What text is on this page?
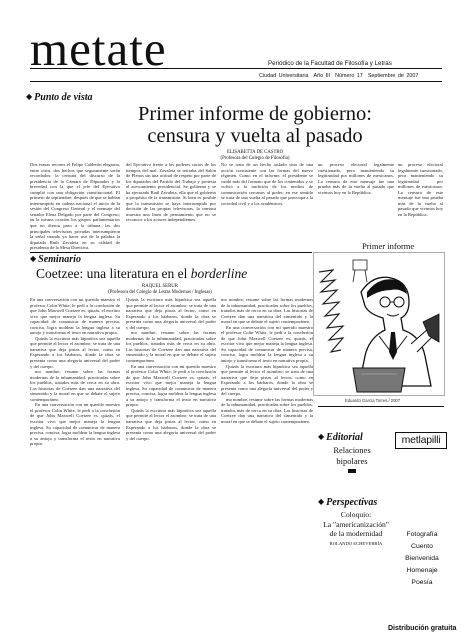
metate	Periódico de la Facultad de Filosofía y Letras
Ciudad Universitaria Año III Número 17 Septiembre de 2007
◆ Punto de vista
Primer informe de gobierno:
censura y vuelta al pasado
ELISABETTA DE CASTRO
(Profesora del Colegio de Filosofía)

Dos reasas recoses el Felipe Calderón elegaron, entre otros, dos hechos que seguramente serán recordados: la censura del discurso de la presidencia de la Cámara de Diputados y la brevedad con la que el jefe del Ejecutivo cumplió con una obligación constitucional. El primero de septiembre, después de que se habían interrumpido en cadena nacional el inicio de la sesión del Congreso General y el mensaje del senador Elena Delgado por parte del Congreso; en la misma ocasión los grupos parlamentarios que no dieron paso a la tribuna, las dos principales televisoras privadas interrumpieron la señal cuando ya hacer uso de la palabra la diputada Ruth Zavaleta en su calidad de presidenta de la Mesa Directiva.

del Ejecutivo frente a los poderes cortos de los tiempos del mal. Zavaleta se retiraba del Salón de Plenos sin una actitud de respeto por parte de los diputados del Partido del Trabajo y protesta al acercamiento presidencial. Se gobierna y se ha ejecutado Raúl Zavaleta, ella que el gobierno a propósito de la transmisión. Si bien es posible que la transmisión se haya interrumpido por decisión de las propias televisoras, la censura muestra una línea de pensamiento que no se reconoce a los actores independientes.

No se trata de un hecho aislado sino de una acción consistente con las formas del nuevo régimen. Como en el informe, el presidente se cuidó más del formato que de los contenidos y se volvió a la tradición de los medios de comunicación cercanos al poder; en ese sentido se trata de una vuelta al pasado que preocupa a la sociedad civil y a los académicos.

un proceso electoral legalmente cuestionado, pero manteniendo su legitimidad por millones de mexicanos. La censura de este mensaje fue una prueba más de la vuelta al pasado que vivimos hoy en la República.

un proceso electoral legalmente cuestionado, pero manteniendo su legitimidad por millones de mexicanos. La censura de este mensaje fue una prueba más de la vuelta al pasado que vivimos hoy en la República.

Primer informe
Eduardo García Torres / 2007
◆ Seminario
Coetzee: una literatura en el borderline
RAQUEL SERUR
(Profesora del Colegio de Letras Modernas / Inglesas)

En una conversación con mi querido maestro el profesor Colin White, le pedí a la conclusión de que John Maxwell Coetzee es, quizás, el escritor vivo que mejor maneja la lengua inglesa. Su capacidad de comunicar de manera precisa, concisa, logra moldear la lengua inglesa a su antojo y transforma el texto en narrativa propia.

Quizás la escritura más hipnótica sea aquella que permite al lector el asombro; se trata de una narrativa que deja pistas al lector, como en Esperando a los bárbaros, donde la obra se presenta como una alegoría universal del poder y del cuerpo.

mo nombre, resume sobre las formas modernas de la inhumanidad, practicadas sobre los pueblos, tratados más de cerca en su obra. Las historias de Coetzee dan una narrativa del sinsentido y la moral en que se debate el sujeto contemporáneo.

En una conversación con mi querido maestro el profesor Colin White, le pedí a la conclusión de que John Maxwell Coetzee es, quizás, el escritor vivo que mejor maneja la lengua inglesa. Su capacidad de comunicar de manera precisa, concisa, logra moldear la lengua inglesa a su antojo y transforma el texto en narrativa propia.

Quizás la escritura más hipnótica sea aquella que permite al lector el asombro; se trata de una narrativa que deja pistas al lector, como en Esperando a los bárbaros, donde la obra se presenta como una alegoría universal del poder y del cuerpo.

mo nombre, resume sobre las formas modernas de la inhumanidad, practicadas sobre los pueblos, tratados más de cerca en su obra. Las historias de Coetzee dan una narrativa del sinsentido y la moral en que se debate el sujeto contemporáneo.

En una conversación con mi querido maestro el profesor Colin White, le pedí a la conclusión de que John Maxwell Coetzee es, quizás, el escritor vivo que mejor maneja la lengua inglesa. Su capacidad de comunicar de manera precisa, concisa, logra moldear la lengua inglesa a su antojo y transforma el texto en narrativa propia.

Quizás la escritura más hipnótica sea aquella que permite al lector el asombro; se trata de una narrativa que deja pistas al lector, como en Esperando a los bárbaros, donde la obra se presenta como una alegoría universal del poder y del cuerpo.

mo nombre, resume sobre las formas modernas de la inhumanidad, practicadas sobre los pueblos, tratados más de cerca en su obra. Las historias de Coetzee dan una narrativa del sinsentido y la moral en que se debate el sujeto contemporáneo.

En una conversación con mi querido maestro el profesor Colin White, le pedí a la conclusión de que John Maxwell Coetzee es, quizás, el escritor vivo que mejor maneja la lengua inglesa. Su capacidad de comunicar de manera precisa, concisa, logra moldear la lengua inglesa a su antojo y transforma el texto en narrativa propia.

Quizás la escritura más hipnótica sea aquella que permite al lector el asombro; se trata de una narrativa que deja pistas al lector, como en Esperando a los bárbaros, donde la obra se presenta como una alegoría universal del poder y del cuerpo.

mo nombre, resume sobre las formas modernas de la inhumanidad, practicadas sobre los pueblos, tratados más de cerca en su obra. Las historias de Coetzee dan una narrativa del sinsentido y la moral en que se debate el sujeto contemporáneo.

◆ Editorial
Relaciones
bipolares
◆ Perspectivas
Coloquio:
La "americanización"
de la modernidad
ROLANDO ECHEVERRÍA
metlapilli
Fotografía
Cuento
Bienvenida
Homenaje
Poesía
Distribución gratuita
